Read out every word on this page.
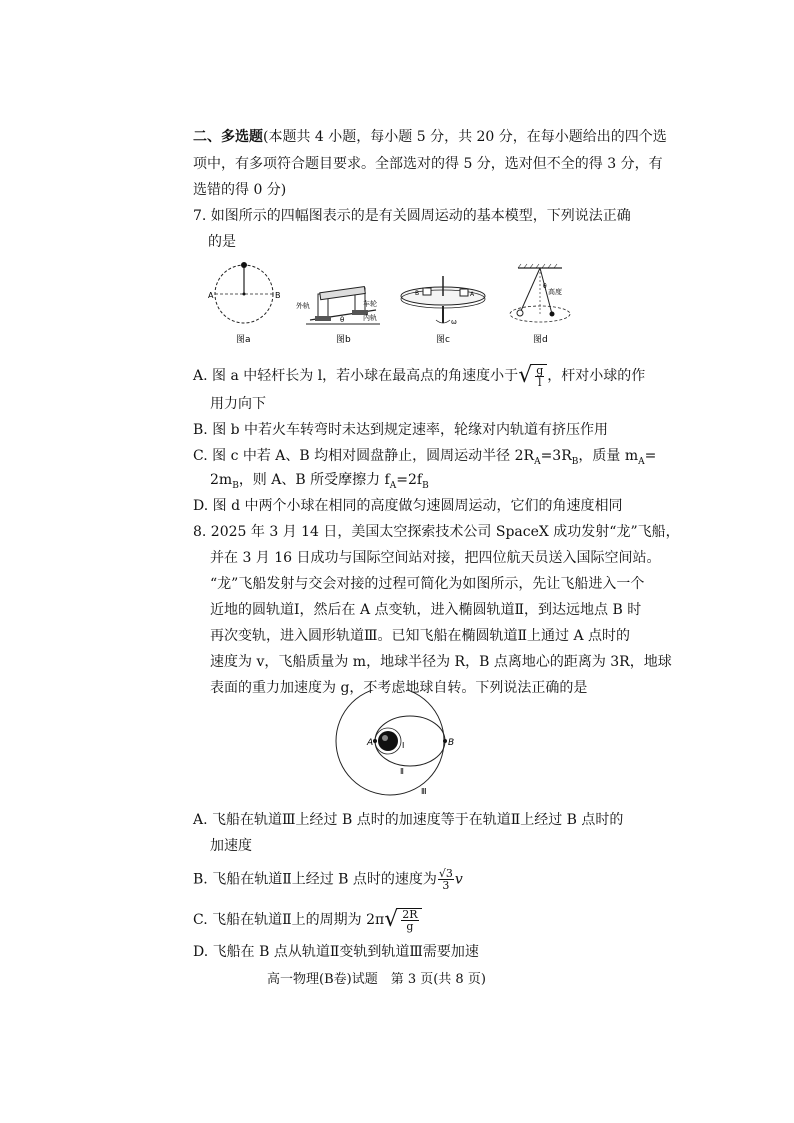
二、多选题(本题共 4 小题，每小题 5 分，共 20 分，在每小题给出的四个选
项中，有多项符合题目要求。全部选对的得 5 分，选对但不全的得 3 分，有
选错的得 0 分)
7. 如图所示的四幅图表示的是有关圆周运动的基本模型，下列说法正确
的是
A	B
图a
外轨	车轮
内轨
θ
图b
B	A
ω
图c
θ
高度
图d
A. 图 a 中轻杆长为 l，若小球在最高点的角速度小于√ $\frac{g}{l}$ ，杆对小球的作
用力向下
B. 图 b 中若火车转弯时未达到规定速率，轮缘对内轨道有挤压作用
C. 图 c 中若 A、B 均相对圆盘静止，圆周运动半径 $2R_A=3R_B$，质量 $m_A=$
$2m_B$，则 A、B 所受摩擦力 $f_A=2f_B$
D. 图 d 中两个小球在相同的高度做匀速圆周运动，它们的角速度相同
8. 2025 年 3 月 14 日，美国太空探索技术公司 SpaceX 成功发射“龙”飞船，
并在 3 月 16 日成功与国际空间站对接，把四位航天员送入国际空间站。
“龙”飞船发射与交会对接的过程可简化为如图所示，先让飞船进入一个
近地的圆轨道Ⅰ，然后在 A 点变轨，进入椭圆轨道Ⅱ，到达远地点 B 时
再次变轨，进入圆形轨道Ⅲ。已知飞船在椭圆轨道Ⅱ上通过 A 点时的
速度为 v，飞船质量为 m，地球半径为 R，B 点离地心的距离为 3R，地球
表面的重力加速度为 g，不考虑地球自转。下列说法正确的是
A	B
Ⅰ
Ⅱ
Ⅲ
A. 飞船在轨道Ⅲ上经过 B 点时的加速度等于在轨道Ⅱ上经过 B 点时的
加速度
B. 飞船在轨道Ⅱ上经过 B 点时的速度为 $\frac{√3}{3}$ v
C. 飞船在轨道Ⅱ上的周期为 $2\pi√ \frac{2R}{g}$
D. 飞船在 B 点从轨道Ⅱ变轨到轨道Ⅲ需要加速
高一物理(B卷)试题　第 3 页(共 8 页)
